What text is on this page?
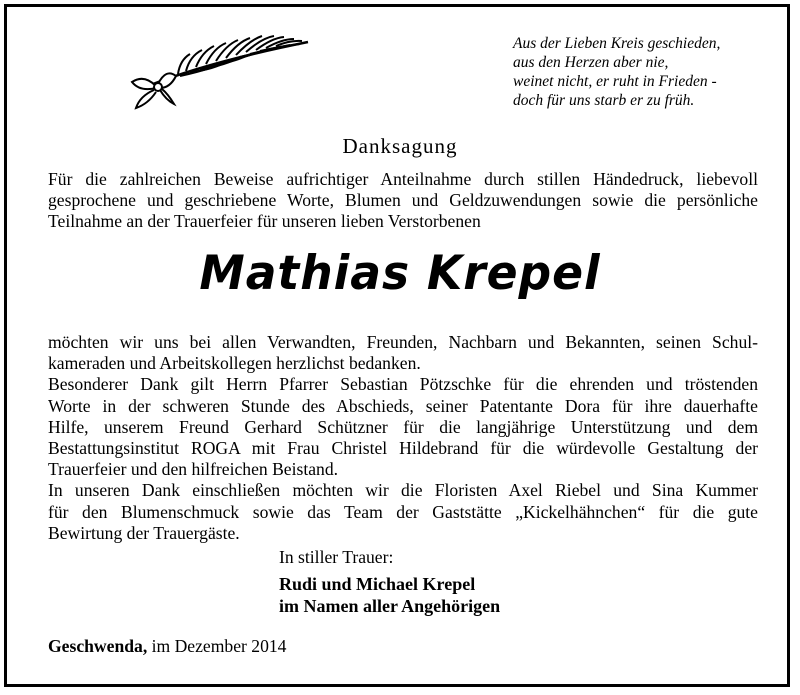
Aus der Lieben Kreis geschieden,
aus den Herzen aber nie,
weinet nicht, er ruht in Frieden -
doch für uns starb er zu früh.
Danksagung
Für die zahlreichen Beweise aufrichtiger Anteilnahme durch stillen Händedruck, liebevoll
gesprochene und geschriebene Worte, Blumen und Geldzuwendungen sowie die persönliche
Teilnahme an der Trauerfeier für unseren lieben Verstorbenen
Mathias Krepel
möchten wir uns bei allen Verwandten, Freunden, Nachbarn und Bekannten, seinen Schul-
kameraden und Arbeitskollegen herzlichst bedanken.
Besonderer Dank gilt Herrn Pfarrer Sebastian Pötzschke für die ehrenden und tröstenden
Worte in der schweren Stunde des Abschieds, seiner Patentante Dora für ihre dauerhafte
Hilfe, unserem Freund Gerhard Schützner für die langjährige Unterstützung und dem
Bestattungsinstitut ROGA mit Frau Christel Hildebrand für die würdevolle Gestaltung der
Trauerfeier und den hilfreichen Beistand.
In unseren Dank einschließen möchten wir die Floristen Axel Riebel und Sina Kummer
für den Blumenschmuck sowie das Team der Gaststätte „Kickelhähnchen“ für die gute
Bewirtung der Trauergäste.
In stiller Trauer:
Rudi und Michael Krepel
im Namen aller Angehörigen
Geschwenda, im Dezember 2014
